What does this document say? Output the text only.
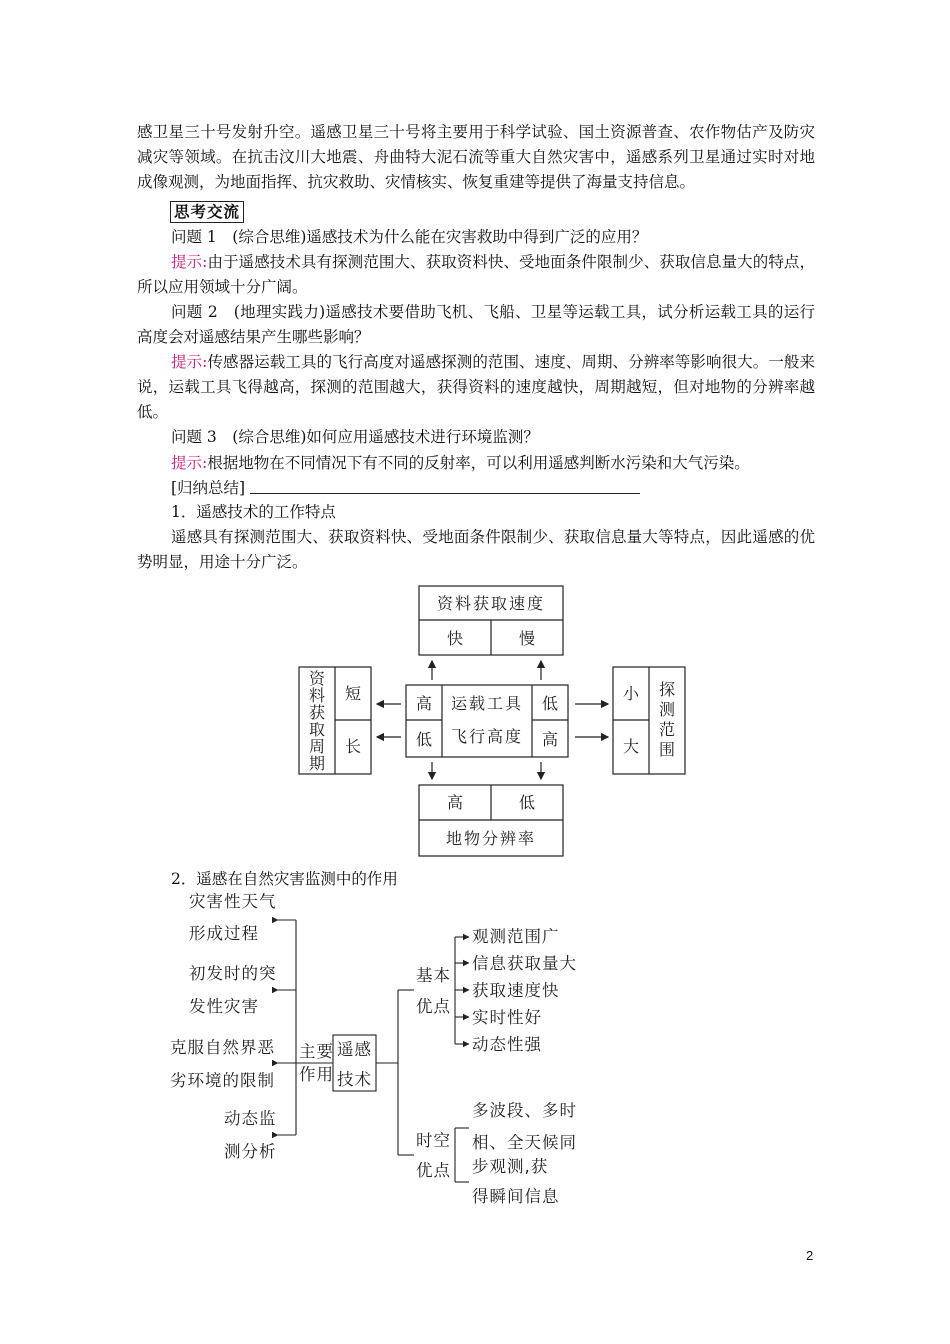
感卫星三十号发射升空。遥感卫星三十号将主要用于科学试验、国土资源普查、农作物估产及防灾减灾等领域。在抗击汶川大地震、舟曲特大泥石流等重大自然灾害中，遥感系列卫星通过实时对地成像观测，为地面指挥、抗灾救助、灾情核实、恢复重建等提供了海量支持信息。
思考交流
问题 1　(综合思维)遥感技术为什么能在灾害救助中得到广泛的应用？
提示:由于遥感技术具有探测范围大、获取资料快、受地面条件限制少、获取信息量大的特点，所以应用领域十分广阔。
问题 2　(地理实践力)遥感技术要借助飞机、飞船、卫星等运载工具，试分析运载工具的运行高度会对遥感结果产生哪些影响？
提示:传感器运载工具的飞行高度对遥感探测的范围、速度、周期、分辨率等影响很大。一般来说，运载工具飞得越高，探测的范围越大，获得资料的速度越快，周期越短，但对地物的分辨率越低。
问题 3　(综合思维)如何应用遥感技术进行环境监测？
提示:根据地物在不同情况下有不同的反射率，可以利用遥感判断水污染和大气污染。
[归纳总结]
1．遥感技术的工作特点
遥感具有探测范围大、获取资料快、受地面条件限制少、获取信息量大等特点，因此遥感的优势明显，用途十分广泛。
资料获取速度
快	慢
高
低
运载工具
飞行高度
低
高
短
长
资
料
获
取
周
期
小
大
探
测
范
围
高	低
地物分辨率
2．遥感在自然灾害监测中的作用
灾害性天气
形成过程
初发时的突
发性灾害
克服自然界恶
劣环境的限制
动态监
测分析
主要
作用
遥感
技术
基本
优点
观测范围广
信息获取量大
获取速度快
实时性好
动态性强
时空
优点
多波段、多时
相、全天候同
步观测,获
得瞬间信息
2
